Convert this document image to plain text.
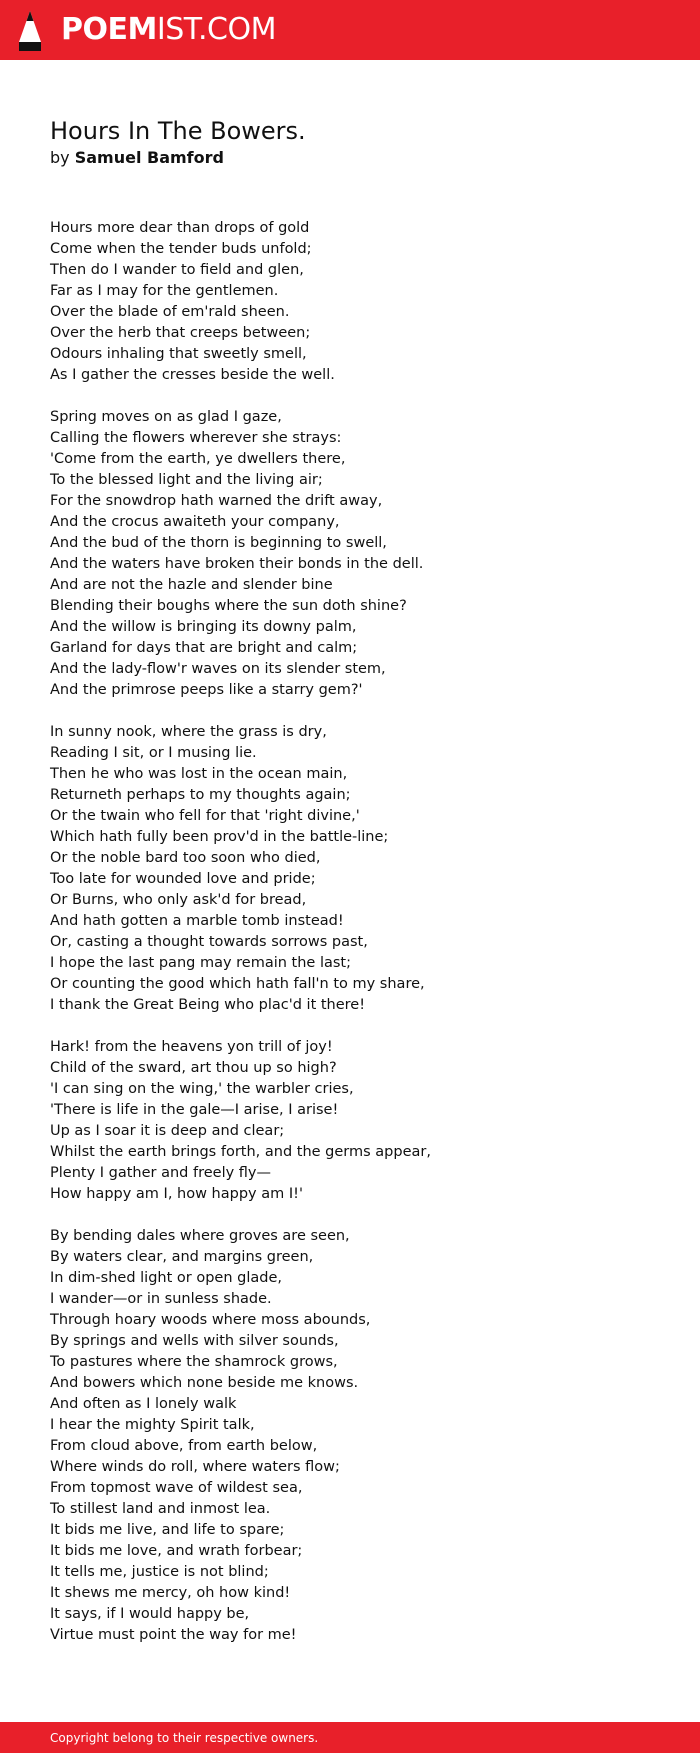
POEMIST.COM
Hours In The Bowers.
by Samuel Bamford
Hours more dear than drops of gold
Come when the tender buds unfold;
Then do I wander to field and glen,
Far as I may for the gentlemen.
Over the blade of em'rald sheen.
Over the herb that creeps between;
Odours inhaling that sweetly smell,
As I gather the cresses beside the well.
Spring moves on as glad I gaze,
Calling the flowers wherever she strays:
'Come from the earth, ye dwellers there,
To the blessed light and the living air;
For the snowdrop hath warned the drift away,
And the crocus awaiteth your company,
And the bud of the thorn is beginning to swell,
And the waters have broken their bonds in the dell.
And are not the hazle and slender bine
Blending their boughs where the sun doth shine?
And the willow is bringing its downy palm,
Garland for days that are bright and calm;
And the lady-flow'r waves on its slender stem,
And the primrose peeps like a starry gem?'
In sunny nook, where the grass is dry,
Reading I sit, or I musing lie.
Then he who was lost in the ocean main,
Returneth perhaps to my thoughts again;
Or the twain who fell for that 'right divine,'
Which hath fully been prov'd in the battle-line;
Or the noble bard too soon who died,
Too late for wounded love and pride;
Or Burns, who only ask'd for bread,
And hath gotten a marble tomb instead!
Or, casting a thought towards sorrows past,
I hope the last pang may remain the last;
Or counting the good which hath fall'n to my share,
I thank the Great Being who plac'd it there!
Hark! from the heavens yon trill of joy!
Child of the sward, art thou up so high?
'I can sing on the wing,' the warbler cries,
'There is life in the gale—I arise, I arise!
Up as I soar it is deep and clear;
Whilst the earth brings forth, and the germs appear,
Plenty I gather and freely fly—
How happy am I, how happy am I!'
By bending dales where groves are seen,
By waters clear, and margins green,
In dim-shed light or open glade,
I wander—or in sunless shade.
Through hoary woods where moss abounds,
By springs and wells with silver sounds,
To pastures where the shamrock grows,
And bowers which none beside me knows.
And often as I lonely walk
I hear the mighty Spirit talk,
From cloud above, from earth below,
Where winds do roll, where waters flow;
From topmost wave of wildest sea,
To stillest land and inmost lea.
It bids me live, and life to spare;
It bids me love, and wrath forbear;
It tells me, justice is not blind;
It shews me mercy, oh how kind!
It says, if I would happy be,
Virtue must point the way for me!
Copyright belong to their respective owners.
